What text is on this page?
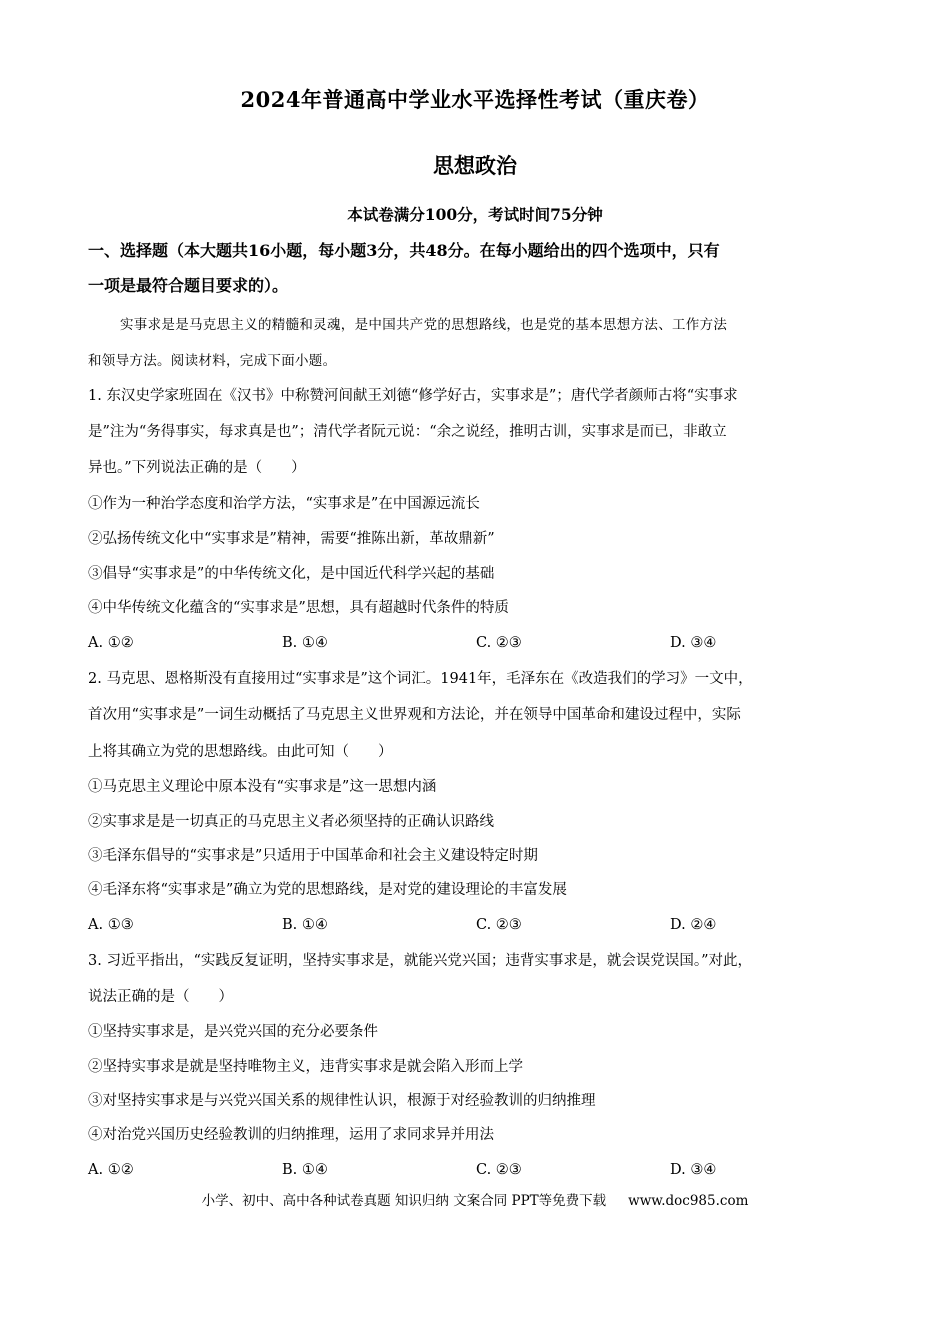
2024年普通高中学业水平选择性考试（重庆卷）
思想政治
本试卷满分100分，考试时间75分钟
一、选择题（本大题共16小题，每小题3分，共48分。在每小题给出的四个选项中，只有
一项是最符合题目要求的）。
实事求是是马克思主义的精髓和灵魂，是中国共产党的思想路线，也是党的基本思想方法、工作方法
和领导方法。阅读材料，完成下面小题。
1. 东汉史学家班固在《汉书》中称赞河间献王刘德“修学好古，实事求是”；唐代学者颜师古将“实事求
是”注为“务得事实，每求真是也”；清代学者阮元说：“余之说经，推明古训，实事求是而已，非敢立
异也。”下列说法正确的是（　　）
①作为一种治学态度和治学方法，“实事求是”在中国源远流长
②弘扬传统文化中“实事求是”精神，需要“推陈出新，革故鼎新”
③倡导“实事求是”的中华传统文化，是中国近代科学兴起的基础
④中华传统文化蕴含的“实事求是”思想，具有超越时代条件的特质
A. ①②	B. ①④	C. ②③	D. ③④
2. 马克思、恩格斯没有直接用过“实事求是”这个词汇。1941年，毛泽东在《改造我们的学习》一文中，
首次用“实事求是”一词生动概括了马克思主义世界观和方法论，并在领导中国革命和建设过程中，实际
上将其确立为党的思想路线。由此可知（　　）
①马克思主义理论中原本没有“实事求是”这一思想内涵
②实事求是是一切真正的马克思主义者必须坚持的正确认识路线
③毛泽东倡导的“实事求是”只适用于中国革命和社会主义建设特定时期
④毛泽东将“实事求是”确立为党的思想路线，是对党的建设理论的丰富发展
A. ①③	B. ①④	C. ②③	D. ②④
3. 习近平指出，“实践反复证明，坚持实事求是，就能兴党兴国；违背实事求是，就会误党误国。”对此，
说法正确的是（　　）
①坚持实事求是，是兴党兴国的充分必要条件
②坚持实事求是就是坚持唯物主义，违背实事求是就会陷入形而上学
③对坚持实事求是与兴党兴国关系的规律性认识，根源于对经验教训的归纳推理
④对治党兴国历史经验教训的归纳推理，运用了求同求异并用法
A. ①②	B. ①④	C. ②③	D. ③④
小学、初中、高中各种试卷真题 知识归纳 文案合同 PPT等免费下载 www.doc985.com
